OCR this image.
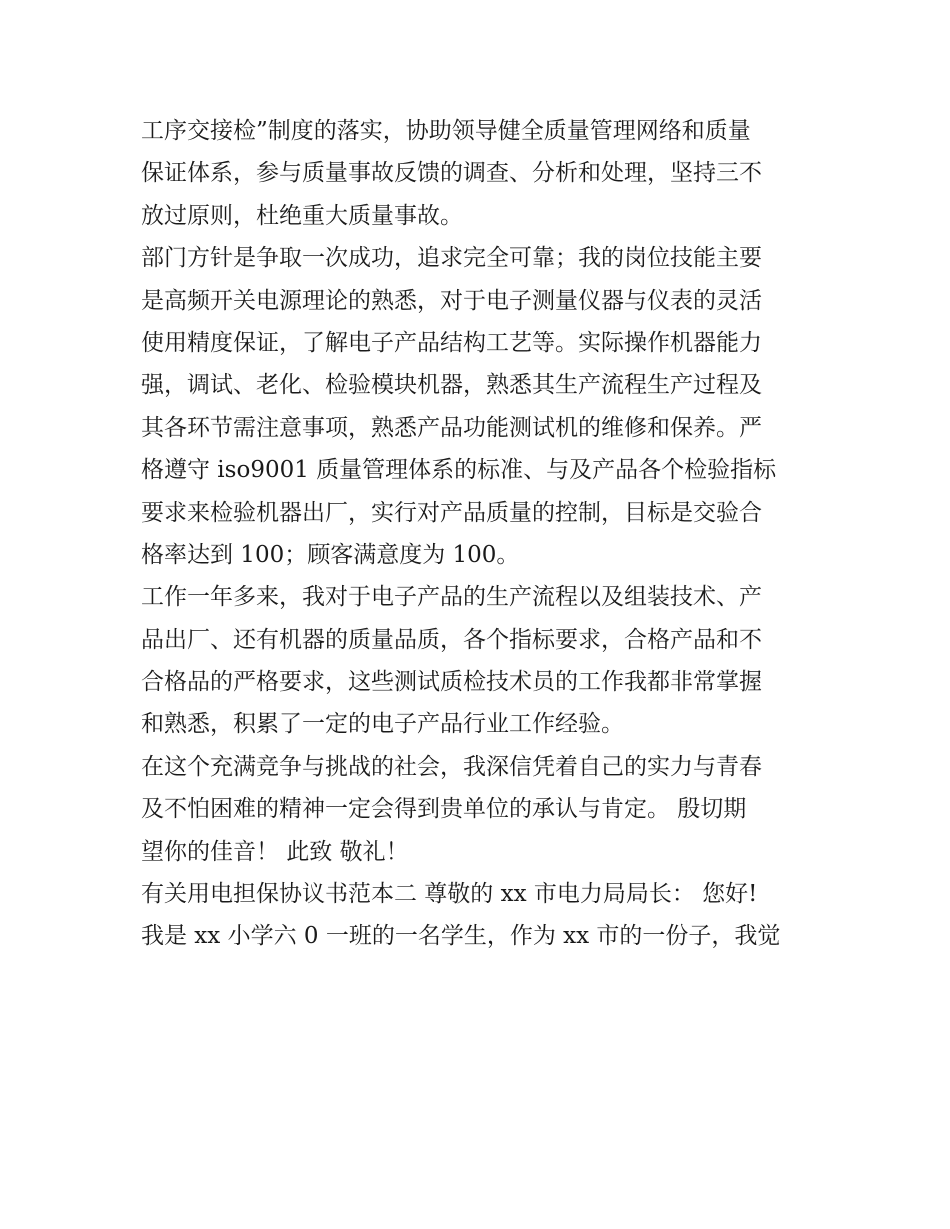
工序交接检”制度的落实，协助领导健全质量管理网络和质量
保证体系，参与质量事故反馈的调查、分析和处理，坚持三不
放过原则，杜绝重大质量事故。
部门方针是争取一次成功，追求完全可靠；我的岗位技能主要
是高频开关电源理论的熟悉，对于电子测量仪器与仪表的灵活
使用精度保证，了解电子产品结构工艺等。实际操作机器能力
强，调试、老化、检验模块机器，熟悉其生产流程生产过程及
其各环节需注意事项，熟悉产品功能测试机的维修和保养。严
格遵守 iso9001 质量管理体系的标准、与及产品各个检验指标
要求来检验机器出厂，实行对产品质量的控制，目标是交验合
格率达到 100；顾客满意度为 100。
工作一年多来，我对于电子产品的生产流程以及组装技术、产
品出厂、还有机器的质量品质，各个指标要求，合格产品和不
合格品的严格要求，这些测试质检技术员的工作我都非常掌握
和熟悉，积累了一定的电子产品行业工作经验。
在这个充满竞争与挑战的社会，我深信凭着自己的实力与青春
及不怕困难的精神一定会得到贵单位的承认与肯定。 殷切期
望你的佳音！ 此致 敬礼！
有关用电担保协议书范本二 尊敬的 xx 市电力局局长： 您好!
我是 xx 小学六 0 一班的一名学生，作为 xx 市的一份子，我觉
